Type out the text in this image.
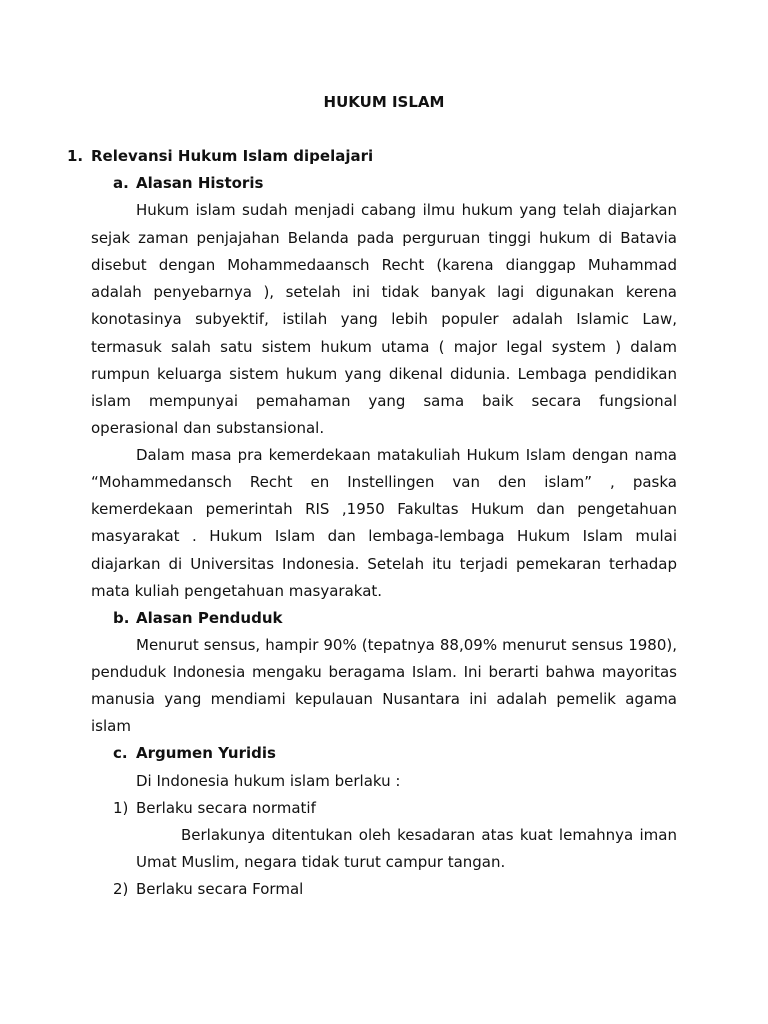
HUKUM ISLAM
1. Relevansi Hukum Islam dipelajari
a. Alasan Historis
Hukum islam sudah menjadi cabang ilmu hukum yang telah diajarkan
sejak zaman penjajahan Belanda pada perguruan tinggi hukum di Batavia
disebut dengan Mohammedaansch Recht (karena dianggap Muhammad
adalah penyebarnya ), setelah ini tidak banyak lagi digunakan kerena
konotasinya subyektif, istilah yang lebih populer adalah Islamic Law,
termasuk salah satu sistem hukum utama ( major legal system ) dalam
rumpun keluarga sistem hukum yang dikenal didunia. Lembaga pendidikan
islam mempunyai pemahaman yang sama baik secara fungsional
operasional dan substansional.
Dalam masa pra kemerdekaan matakuliah Hukum Islam dengan nama
“Mohammedansch Recht en Instellingen van den islam” , paska
kemerdekaan pemerintah RIS ,1950 Fakultas Hukum dan pengetahuan
masyarakat . Hukum Islam dan lembaga-lembaga Hukum Islam mulai
diajarkan di Universitas Indonesia. Setelah itu terjadi pemekaran terhadap
mata kuliah pengetahuan masyarakat.
b. Alasan Penduduk
Menurut sensus, hampir 90% (tepatnya 88,09% menurut sensus 1980),
penduduk Indonesia mengaku beragama Islam. Ini berarti bahwa mayoritas
manusia yang mendiami kepulauan Nusantara ini adalah pemelik agama
islam
c. Argumen Yuridis
Di Indonesia hukum islam berlaku :
1) Berlaku secara normatif
Berlakunya ditentukan oleh kesadaran atas kuat lemahnya iman
Umat Muslim, negara tidak turut campur tangan.
2) Berlaku secara Formal
